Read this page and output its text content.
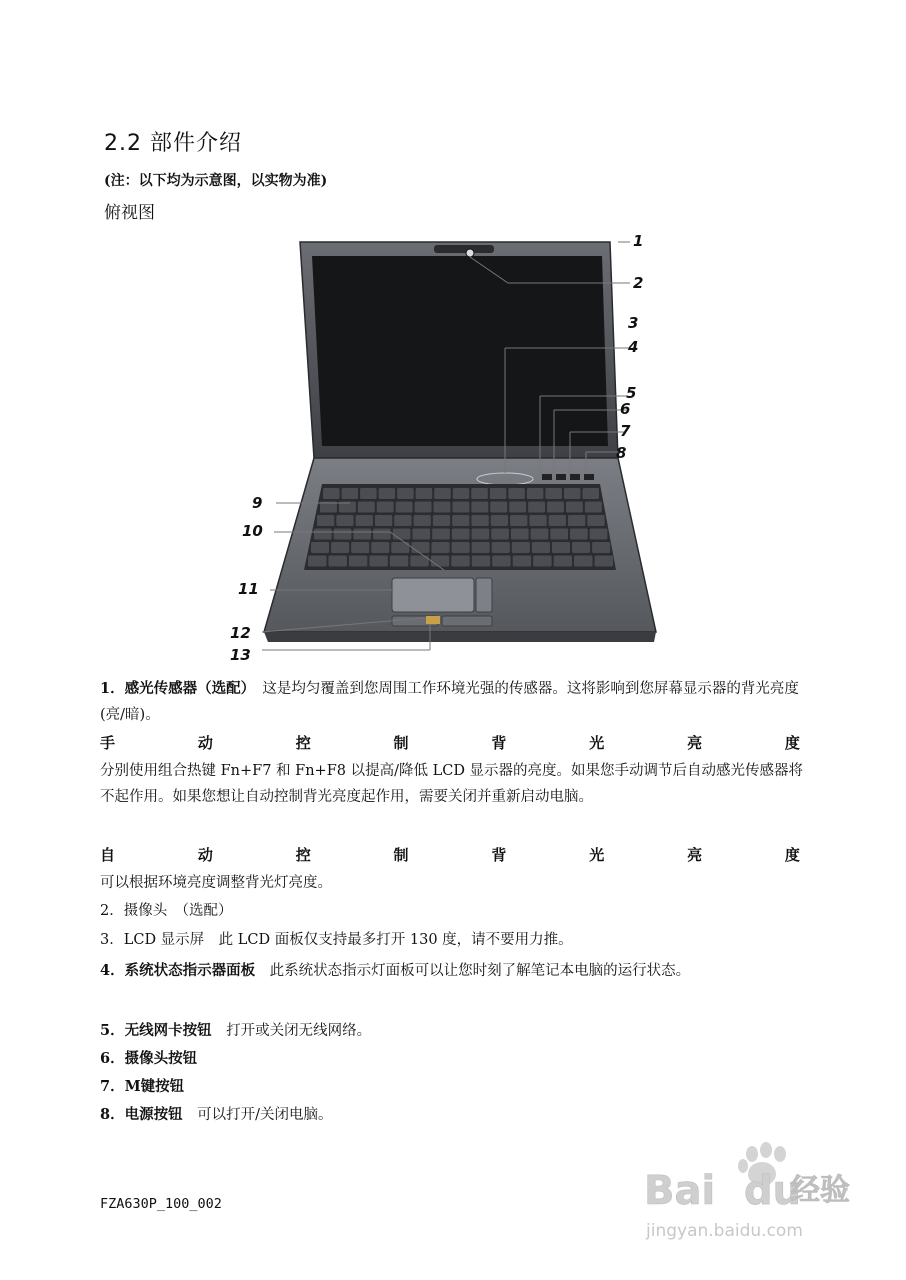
2.2 部件介绍
(注：以下均为示意图，以实物为准)
俯视图
1
2
3
4
5
6
7
8
9
10
11
12
13
1．感光传感器（选配）　这是均匀覆盖到您周围工作环境光强的传感器。这将影响到您屏幕显示器的背光亮度 (亮/暗)。
手	动	控	制	背	光	亮	度
分别使用组合热键 Fn+F7 和 Fn+F8 以提高/降低 LCD 显示器的亮度。如果您手动调节后自动感光传感器将不起作用。如果您想让自动控制背光亮度起作用，需要关闭并重新启动电脑。
自	动	控	制	背	光	亮	度
可以根据环境亮度调整背光灯亮度。
2．摄像头　（选配）
3．LCD 显示屏　此 LCD 面板仅支持最多打开 130 度，请不要用力推。
4．系统状态指示器面板　此系统状态指示灯面板可以让您时刻了解笔记本电脑的运行状态。
5．无线网卡按钮　打开或关闭无线网络。
6．摄像头按钮
7．M键按钮
8．电源按钮　可以打开/关闭电脑。
FZA630P_100_002	Bai du
经验
jingyan.baidu.com
